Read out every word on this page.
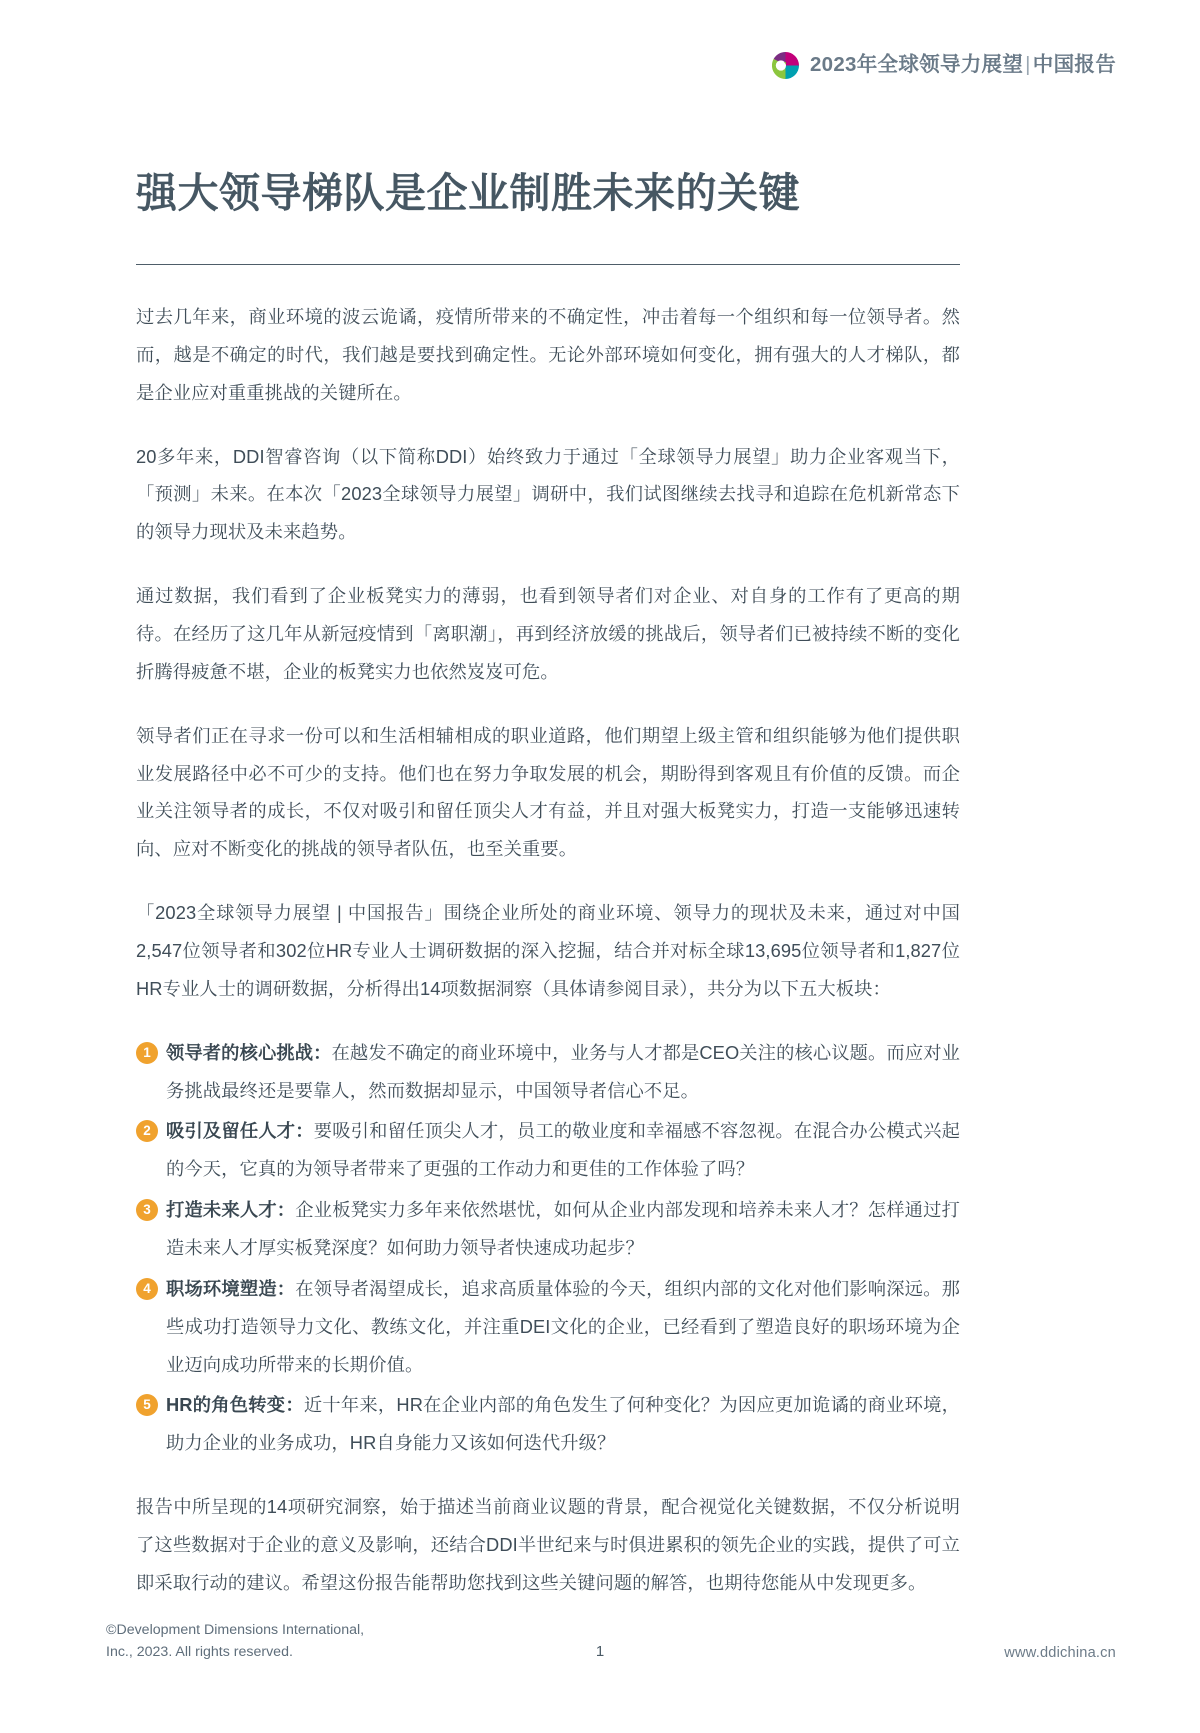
2023年全球领导力展望|中国报告
强大领导梯队是企业制胜未来的关键

过去几年来，商业环境的波云诡谲，疫情所带来的不确定性，冲击着每一个组织和每一位领导者。然而，越是不确定的时代，我们越是要找到确定性。无论外部环境如何变化，拥有强大的人才梯队，都是企业应对重重挑战的关键所在。

20多年来，DDI智睿咨询（以下简称DDI）始终致力于通过「全球领导力展望」助力企业客观当下，「预测」未来。在本次「2023全球领导力展望」调研中，我们试图继续去找寻和追踪在危机新常态下的领导力现状及未来趋势。

通过数据，我们看到了企业板凳实力的薄弱，也看到领导者们对企业、对自身的工作有了更高的期待。在经历了这几年从新冠疫情到「离职潮」，再到经济放缓的挑战后，领导者们已被持续不断的变化折腾得疲惫不堪，企业的板凳实力也依然岌岌可危。

领导者们正在寻求一份可以和生活相辅相成的职业道路，他们期望上级主管和组织能够为他们提供职业发展路径中必不可少的支持。他们也在努力争取发展的机会，期盼得到客观且有价值的反馈。而企业关注领导者的成长，不仅对吸引和留任顶尖人才有益，并且对强大板凳实力，打造一支能够迅速转向、应对不断变化的挑战的领导者队伍，也至关重要。

「2023全球领导力展望 | 中国报告」围绕企业所处的商业环境、领导力的现状及未来，通过对中国2,547位领导者和302位HR专业人士调研数据的深入挖掘，结合并对标全球13,695位领导者和1,827位HR专业人士的调研数据，分析得出14项数据洞察（具体请参阅目录），共分为以下五大板块：

1 领导者的核心挑战：在越发不确定的商业环境中，业务与人才都是CEO关注的核心议题。而应对业务挑战最终还是要靠人，然而数据却显示，中国领导者信心不足。
2 吸引及留任人才：要吸引和留任顶尖人才，员工的敬业度和幸福感不容忽视。在混合办公模式兴起的今天，它真的为领导者带来了更强的工作动力和更佳的工作体验了吗？
3 打造未来人才：企业板凳实力多年来依然堪忧，如何从企业内部发现和培养未来人才？怎样通过打造未来人才厚实板凳深度？如何助力领导者快速成功起步？
4 职场环境塑造：在领导者渴望成长，追求高质量体验的今天，组织内部的文化对他们影响深远。那些成功打造领导力文化、教练文化，并注重DEI文化的企业，已经看到了塑造良好的职场环境为企业迈向成功所带来的长期价值。
5 HR的角色转变：近十年来，HR在企业内部的角色发生了何种变化？为因应更加诡谲的商业环境，助力企业的业务成功，HR自身能力又该如何迭代升级？

报告中所呈现的14项研究洞察，始于描述当前商业议题的背景，配合视觉化关键数据，不仅分析说明了这些数据对于企业的意义及影响，还结合DDI半世纪来与时俱进累积的领先企业的实践，提供了可立即采取行动的建议。希望这份报告能帮助您找到这些关键问题的解答，也期待您能从中发现更多。

©Development Dimensions International,
Inc., 2023. All rights reserved.	1	www.ddichina.cn
